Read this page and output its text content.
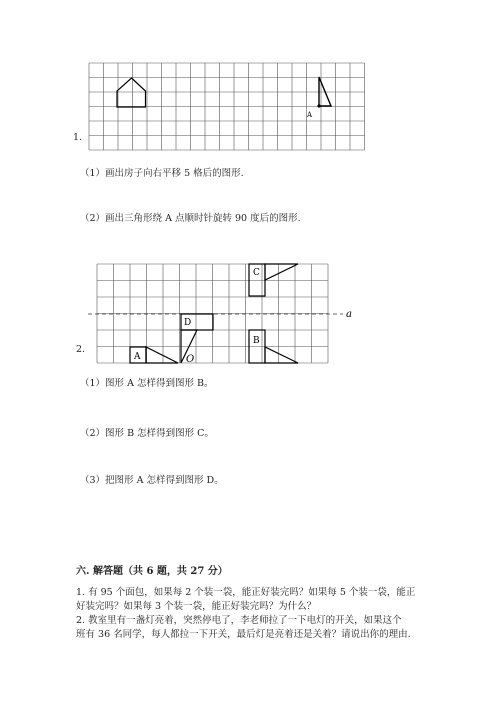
1.
A
（1）画出房子向右平移 5 格后的图形.
（2）画出三角形绕 A 点顺时针旋转 90 度后的图形.
2.
a
A
D
O
C
B
（1）图形 A 怎样得到图形 B。
（2）图形 B 怎样得到图形 C。
（3）把图形 A 怎样得到图形 D。
六. 解答题（共 6 题，共 27 分）
1. 有 95 个面包，如果每 2 个装一袋，能正好装完吗？如果每 5 个装一袋，能正
好装完吗？如果每 3 个装一袋，能正好装完吗？为什么？
2. 教室里有一盏灯亮着，突然停电了，李老师拉了一下电灯的开关，如果这个
班有 36 名同学，每人都拉一下开关，最后灯是亮着还是关着？请说出你的理由.
